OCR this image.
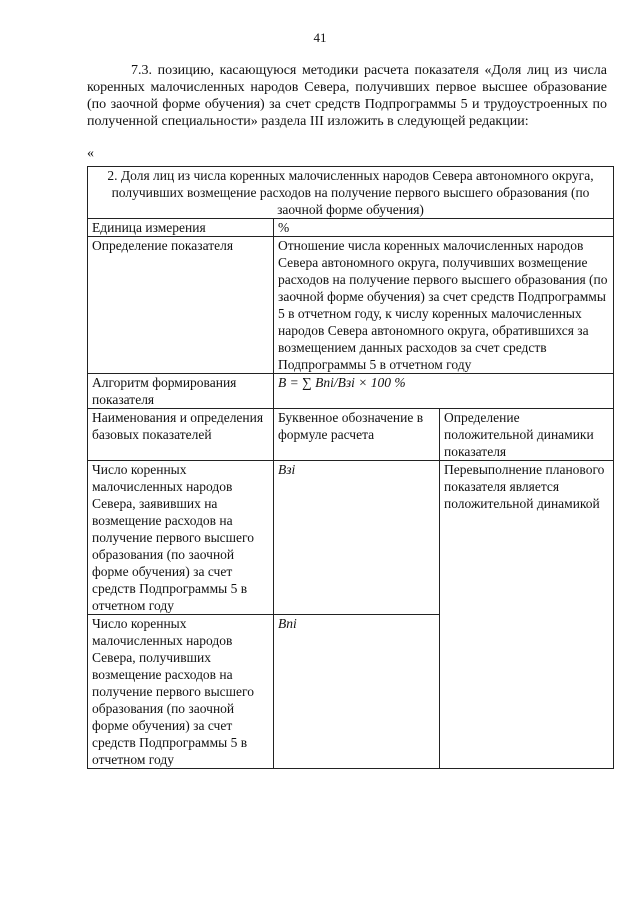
41

7.3. позицию, касающуюся методики расчета показателя «Доля лиц из числа коренных малочисленных народов Севера, получивших первое высшее образование (по заочной форме обучения) за счет средств Подпрограммы 5 и трудоустроенных по полученной специальности» раздела III изложить в следующей редакции:

«
2. Доля лиц из числа коренных малочисленных народов Севера автономного округа, получивших возмещение расходов на получение первого высшего образования (по заочной форме обучения)		
Единица измерения	%	
Определение показателя	Отношение числа коренных малочисленных народов Севера автономного округа, получивших возмещение расходов на получение первого высшего образования (по заочной форме обучения) за счет средств Подпрограммы 5 в отчетном году, к числу коренных малочисленных народов Севера автономного округа, обратившихся за возмещением данных расходов за счет средств Подпрограммы 5 в отчетном году	
Алгоритм формирования показателя	B = ∑ Bпі/Bзі × 100 %	
Наименования и определения базовых показателей	Буквенное обозначение в формуле расчета	Определение положительной динамики показателя
Число коренных малочисленных народов Севера, заявивших на возмещение расходов на получение первого высшего образования (по заочной форме обучения) за счет средств Подпрограммы 5 в отчетном году	Bзі	Перевыполнение планового показателя является положительной динамикой
Число коренных малочисленных народов Севера, получивших возмещение расходов на получение первого высшего образования (по заочной форме обучения) за счет средств Подпрограммы 5 в отчетном году	Bпі	
